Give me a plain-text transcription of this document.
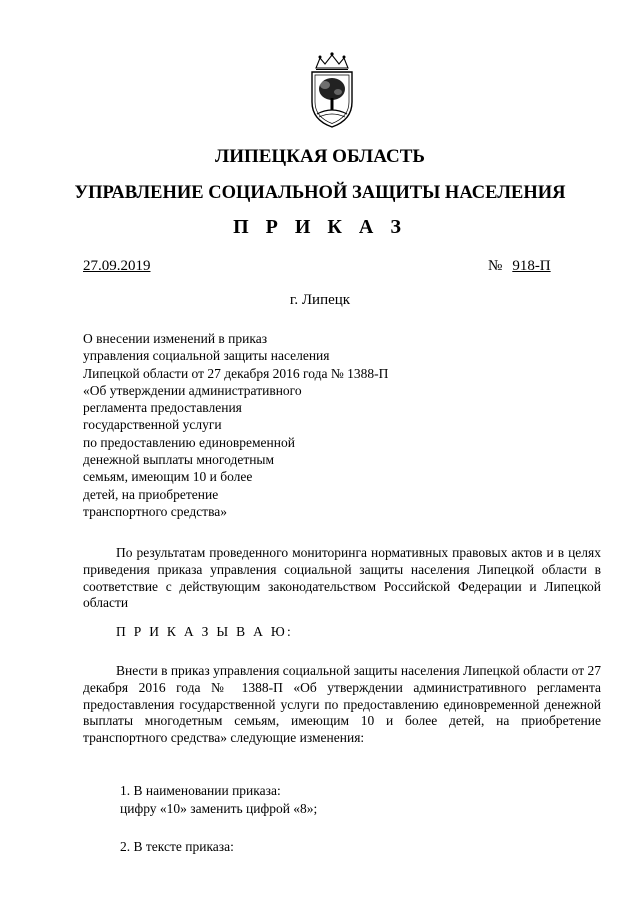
ЛИПЕЦКАЯ ОБЛАСТЬ
УПРАВЛЕНИЕ СОЦИАЛЬНОЙ ЗАЩИТЫ НАСЕЛЕНИЯ
П Р И К А З
27.09.2019	№ 918-П
г. Липецк
О внесении изменений в приказ
управления социальной защиты населения
Липецкой области от 27 декабря 2016 года № 1388-П
«Об утверждении административного
регламента предоставления
государственной услуги
по предоставлению единовременной
денежной выплаты многодетным
семьям, имеющим 10 и более
детей, на приобретение
транспортного средства»
По результатам проведенного мониторинга нормативных правовых актов и в целях приведения приказа управления социальной защиты населения Липецкой области в соответствие с действующим законодательством Российской Федерации и Липецкой области
П Р И К А З Ы В А Ю:
Внести в приказ управления социальной защиты населения Липецкой области от 27 декабря 2016 года № 1388-П «Об утверждении административного регламента предоставления государственной услуги по предоставлению единовременной денежной выплаты многодетным семьям, имеющим 10 и более детей, на приобретение транспортного средства» следующие изменения:
1. В наименовании приказа:
цифру «10» заменить цифрой «8»;
2. В тексте приказа:
